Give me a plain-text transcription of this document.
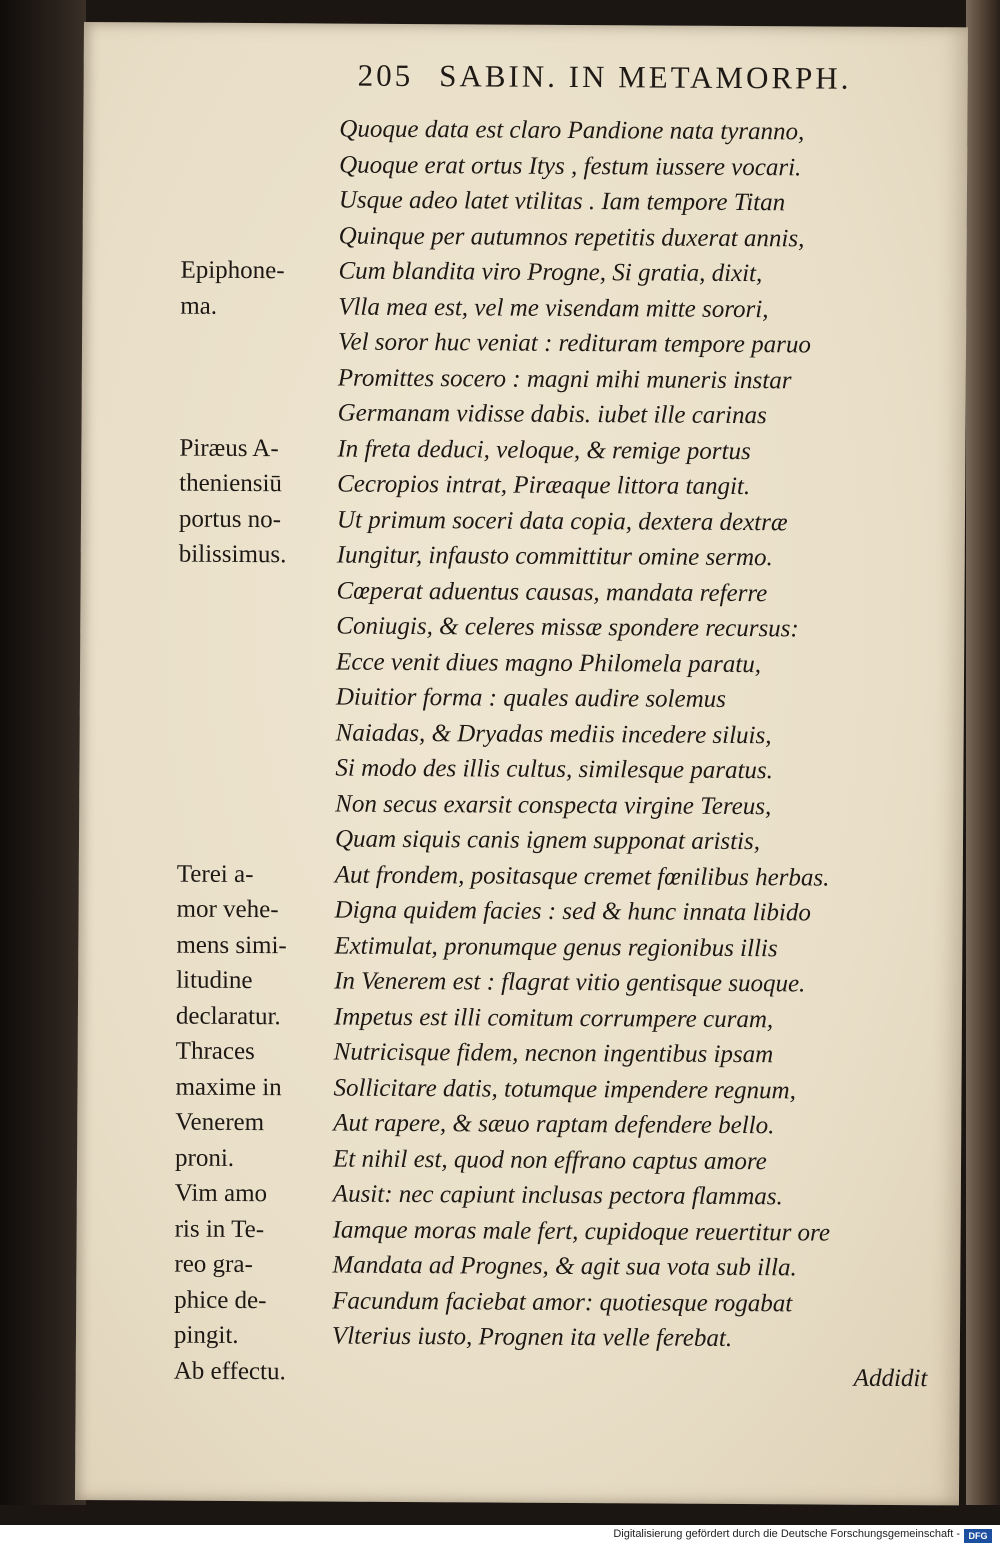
205 SABIN. IN METAMORPH.
Epiphone-
ma.
Piræus A-
theniensiū
portus no-
bilissimus.
Terei a-
mor vehe-
mens simi-
litudine
declaratur.
Thraces
maxime in
Venerem
proni.
Vim amo
ris in Te-
reo gra-
phice de-
pingit.
Ab effectu.
Quoque data est claro Pandione nata tyranno,
Quoque erat ortus Itys , festum iussere vocari.
Usque adeo latet vtilitas . Iam tempore Titan
Quinque per autumnos repetitis duxerat annis,
Cum blandita viro Progne, Si gratia, dixit,
Vlla mea est, vel me visendam mitte sorori,
Vel soror huc veniat : redituram tempore paruo
Promittes socero : magni mihi muneris instar
Germanam vidisse dabis. iubet ille carinas
In freta deduci, veloque, & remige portus
Cecropios intrat, Piræaque littora tangit.
Ut primum soceri data copia, dextera dextræ
Iungitur, infausto committitur omine sermo.
Cœperat aduentus causas, mandata referre
Coniugis, & celeres missæ spondere recursus:
Ecce venit diues magno Philomela paratu,
Diuitior forma : quales audire solemus
Naiadas, & Dryadas mediis incedere siluis,
Si modo des illis cultus, similesque paratus.
Non secus exarsit conspecta virgine Tereus,
Quam siquis canis ignem supponat aristis,
Aut frondem, positasque cremet fœnilibus herbas.
Digna quidem facies : sed & hunc innata libido
Extimulat, pronumque genus regionibus illis
In Venerem est : flagrat vitio gentisque suoque.
Impetus est illi comitum corrumpere curam,
Nutricisque fidem, necnon ingentibus ipsam
Sollicitare datis, totumque impendere regnum,
Aut rapere, & sæuo raptam defendere bello.
Et nihil est, quod non effrano captus amore
Ausit: nec capiunt inclusas pectora flammas.
Iamque moras male fert, cupidoque reuertitur ore
Mandata ad Prognes, & agit sua vota sub illa.
Facundum faciebat amor: quotiesque rogabat
Vlterius iusto, Prognen ita velle ferebat.
Addidit
Digitalisierung gefördert durch die Deutsche Forschungsgemeinschaft - DFG
